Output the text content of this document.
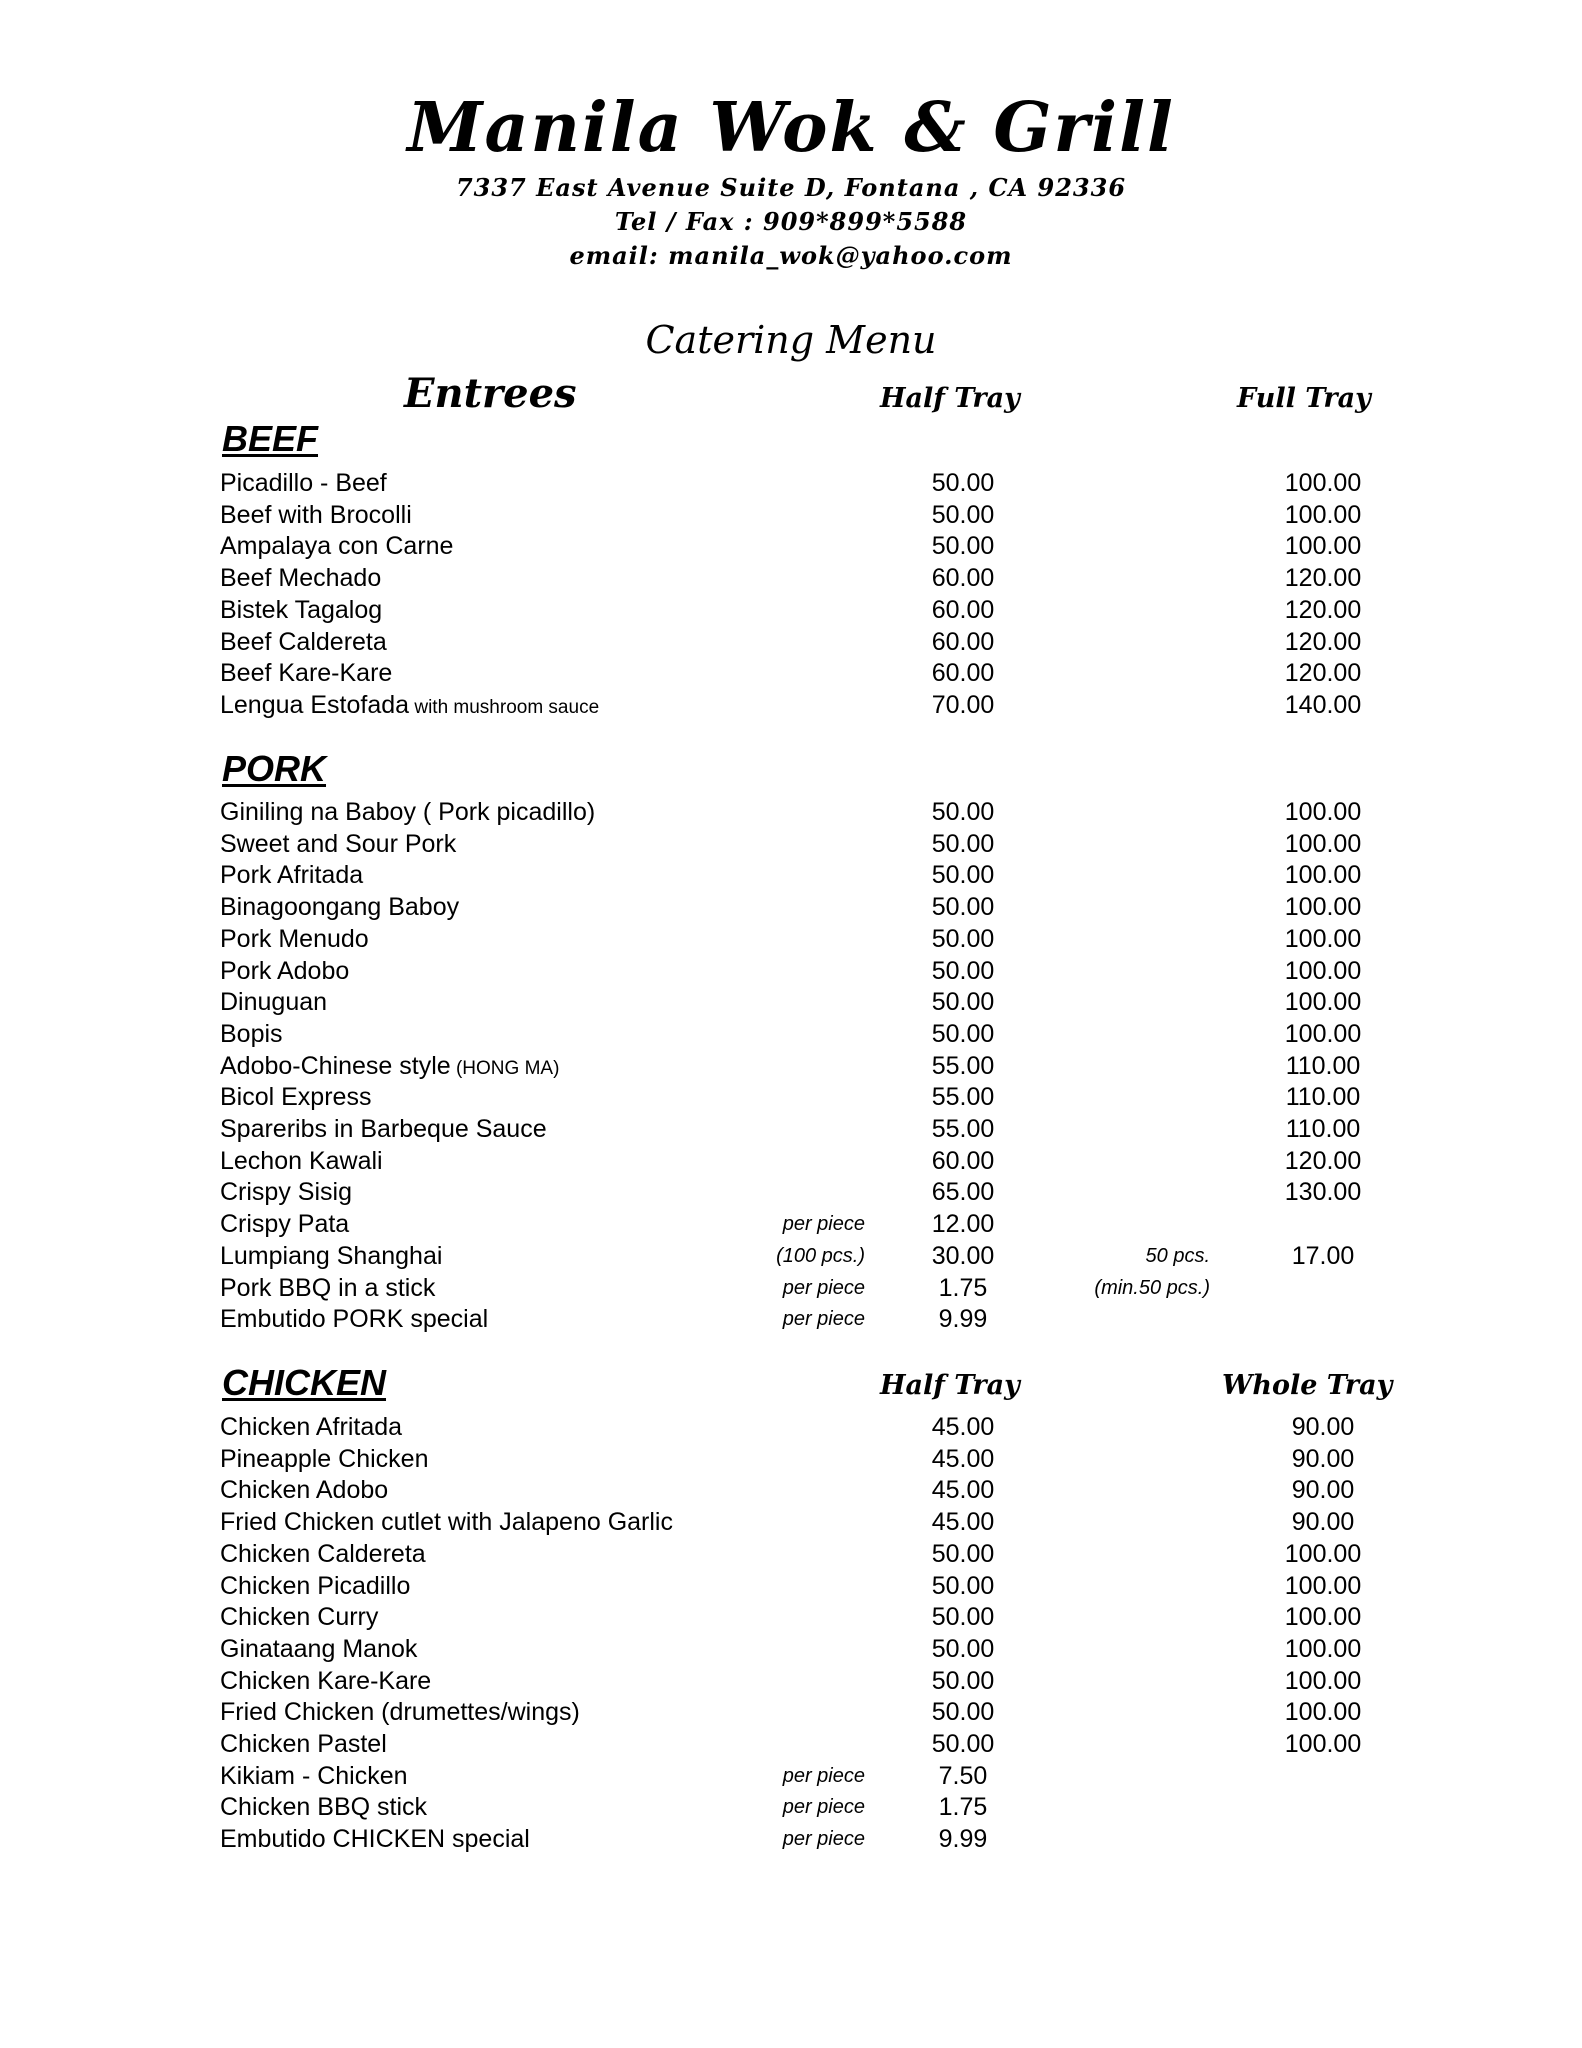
Manila Wok & Grill
7337 East Avenue Suite D, Fontana , CA 92336
Tel / Fax : 909*899*5588
email: manila_wok@yahoo.com
Catering Menu
Entrees	Half Tray	Full Tray
BEEF
Picadillo - Beef	50.00	100.00
Beef with Brocolli	50.00	100.00
Ampalaya con Carne	50.00	100.00
Beef Mechado	60.00	120.00
Bistek Tagalog	60.00	120.00
Beef Caldereta	60.00	120.00
Beef Kare-Kare	60.00	120.00
Lengua Estofada with mushroom sauce	70.00	140.00
PORK
Giniling na Baboy ( Pork picadillo)	50.00	100.00
Sweet and Sour Pork	50.00	100.00
Pork Afritada	50.00	100.00
Binagoongang Baboy	50.00	100.00
Pork Menudo	50.00	100.00
Pork Adobo	50.00	100.00
Dinuguan	50.00	100.00
Bopis	50.00	100.00
Adobo-Chinese style (HONG MA)	55.00	110.00
Bicol Express	55.00	110.00
Spareribs in Barbeque Sauce	55.00	110.00
Lechon Kawali	60.00	120.00
Crispy Sisig	65.00	130.00
Crispy Pata	per piece	12.00
Lumpiang Shanghai	(100 pcs.)	30.00	50 pcs.	17.00
Pork BBQ in a stick	per piece	1.75	(min.50 pcs.)
Embutido PORK special	per piece	9.99
CHICKEN	Half Tray	Whole Tray
Chicken Afritada	45.00	90.00
Pineapple Chicken	45.00	90.00
Chicken Adobo	45.00	90.00
Fried Chicken cutlet with Jalapeno Garlic	45.00	90.00
Chicken Caldereta	50.00	100.00
Chicken Picadillo	50.00	100.00
Chicken Curry	50.00	100.00
Ginataang Manok	50.00	100.00
Chicken Kare-Kare	50.00	100.00
Fried Chicken (drumettes/wings)	50.00	100.00
Chicken Pastel	50.00	100.00
Kikiam - Chicken	per piece	7.50
Chicken BBQ stick	per piece	1.75
Embutido CHICKEN special	per piece	9.99
